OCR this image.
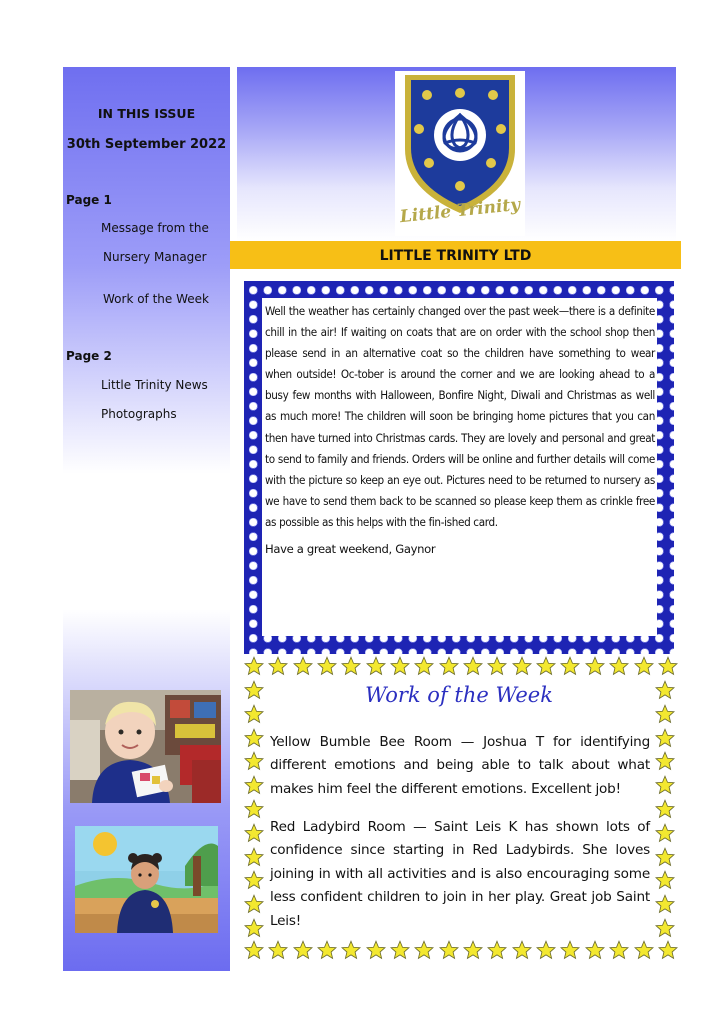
IN THIS ISSUE
30th September 2022
Page 1
Message from the
Nursery Manager
Work of the Week
Page 2
Little Trinity News
Photographs
Little Trinity
LITTLE TRINITY LTD

Well the weather has certainly changed over the past week—there is a definite chill in the air! If waiting on coats that are on order with the school shop then please send in an alternative coat so the children have something to wear when outside! Oc-tober is around the corner and we are looking ahead to a busy few months with Halloween, Bonfire Night, Diwali and Christmas as well as much more! The children will soon be bringing home pictures that you can then have turned into Christmas cards. They are lovely and personal and great to send to family and friends. Orders will be online and further details will come with the picture so keep an eye out. Pictures need to be returned to nursery as we have to send them back to be scanned so please keep them as crinkle free as possible as this helps with the fin-ished card.

Have a great weekend, Gaynor

Work of the Week

Yellow Bumble Bee Room — Joshua T for identifying different emotions and being able to talk about what makes him feel the different emotions. Excellent job!

Red Ladybird Room — Saint Leis K has shown lots of confidence since starting in Red Ladybirds. She loves joining in with all activities and is also encouraging some less confident children to join in her play. Great job Saint Leis!
